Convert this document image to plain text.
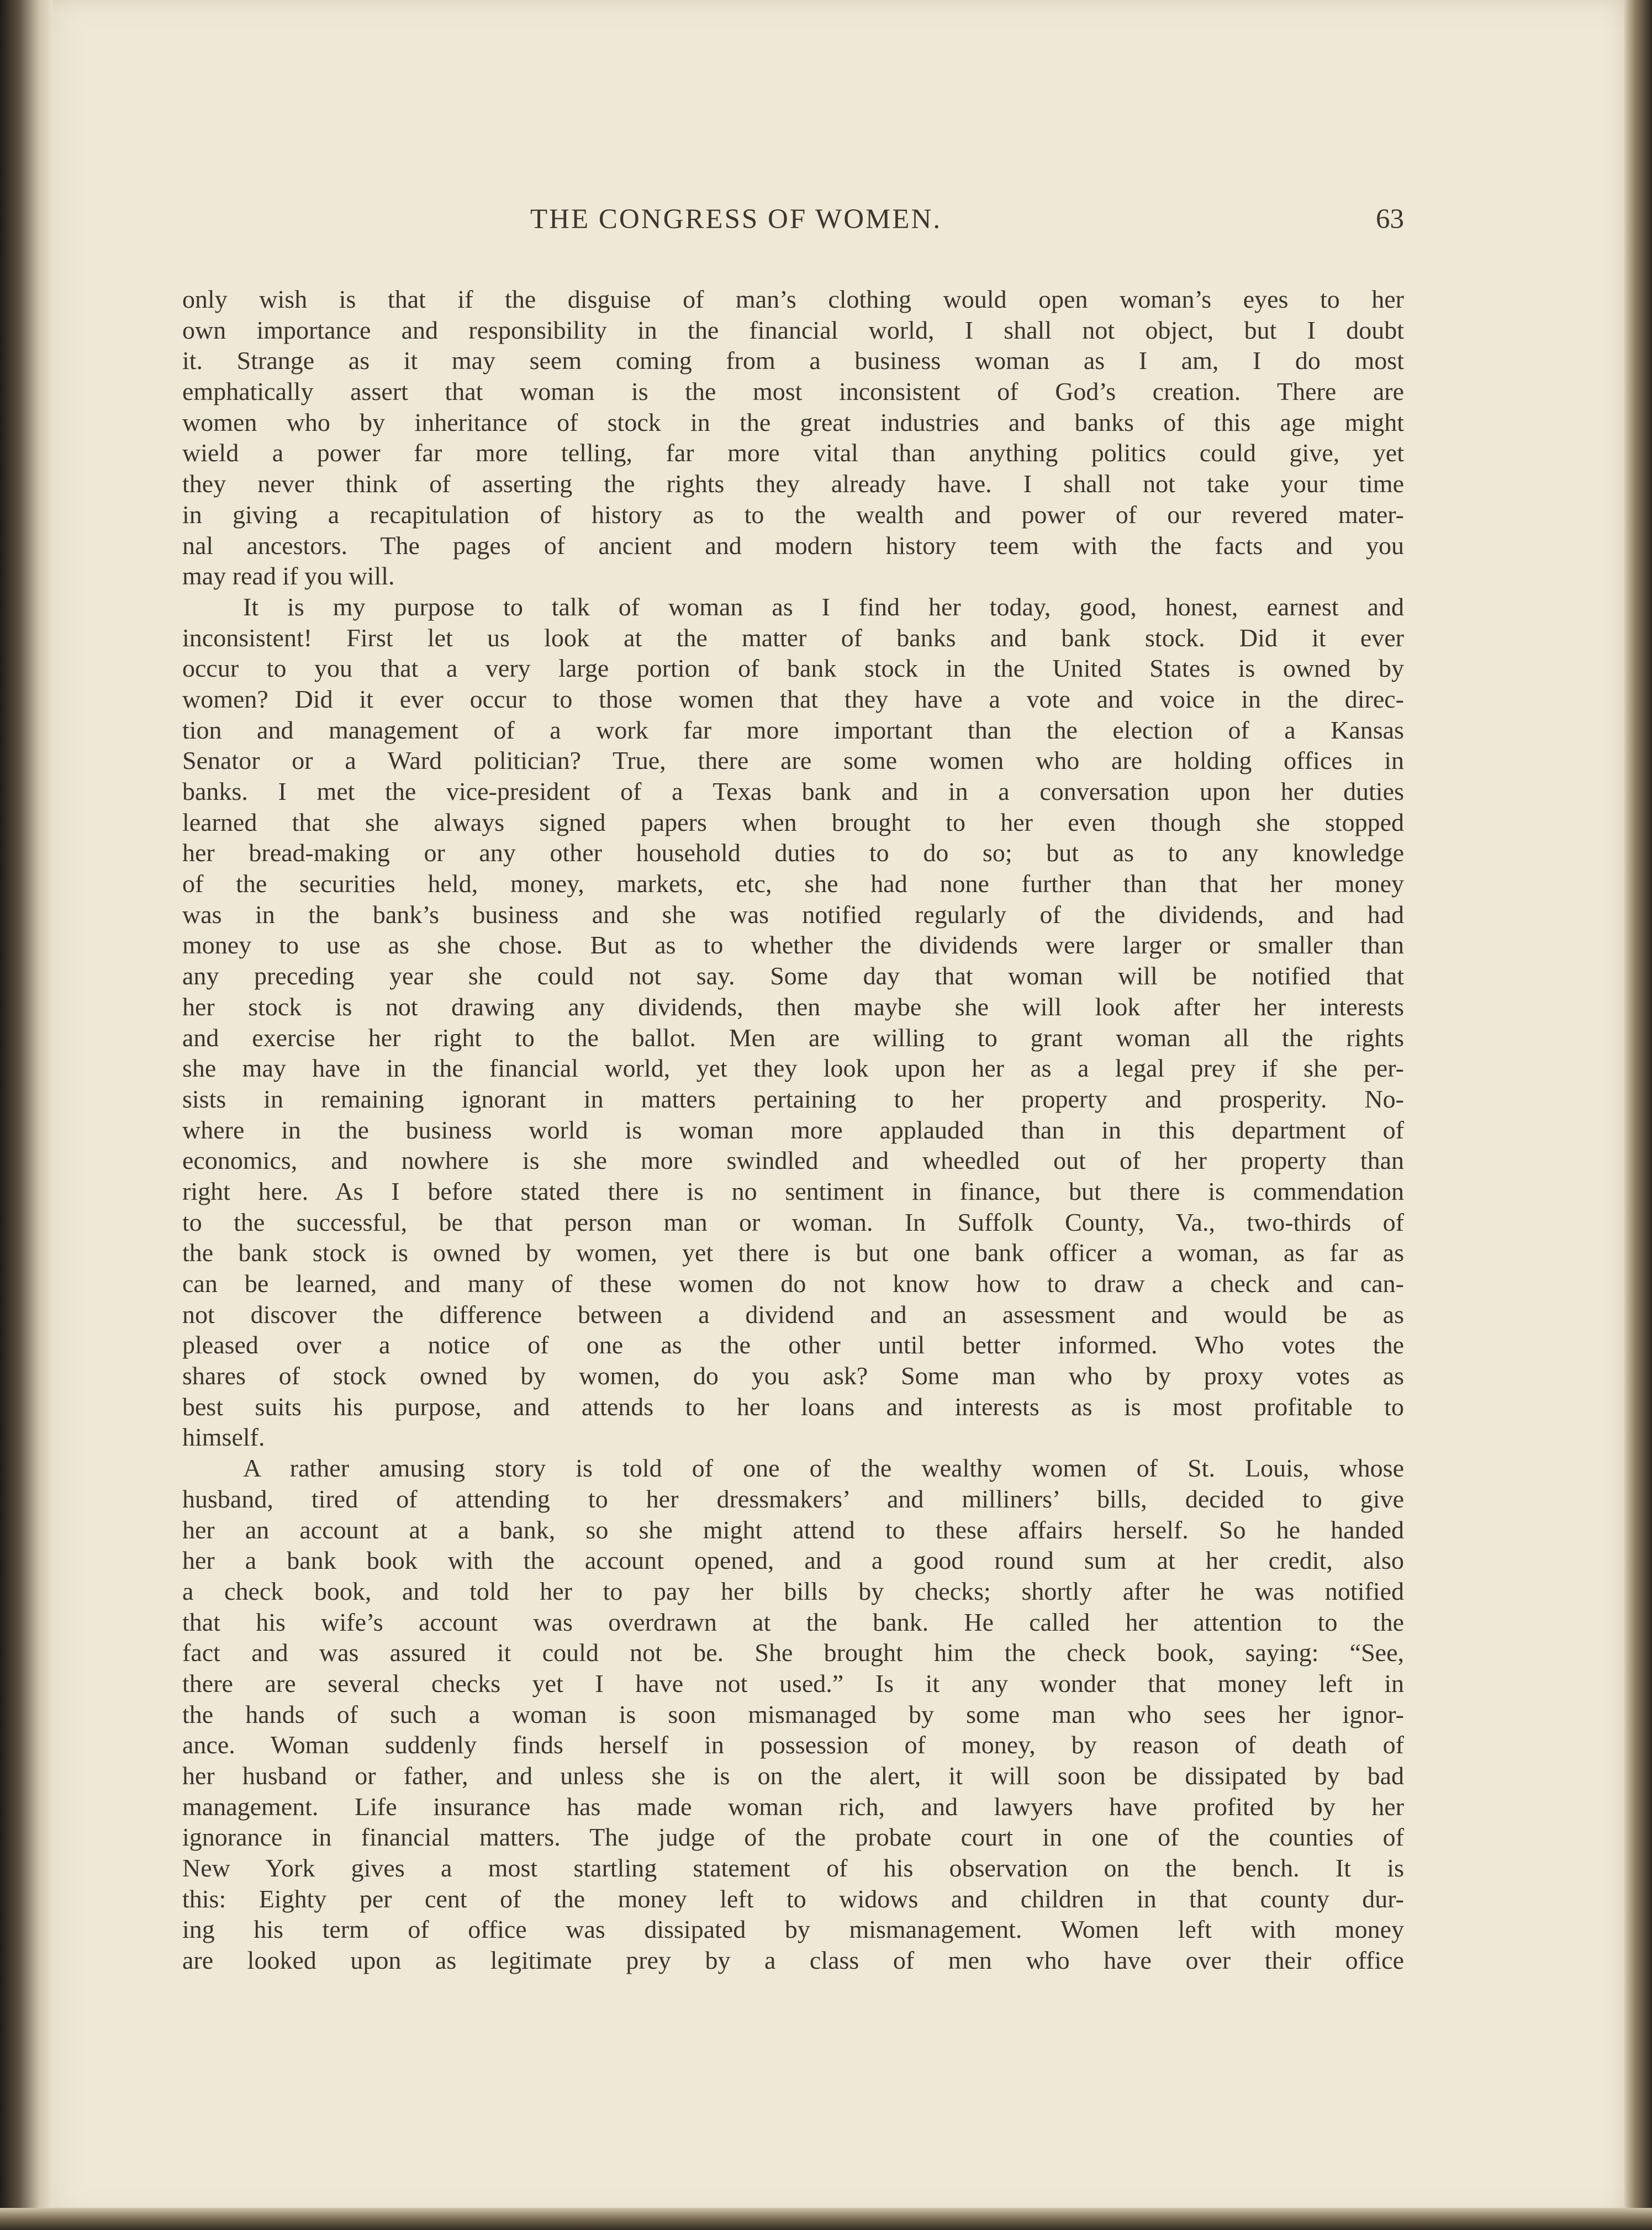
THE CONGRESS OF WOMEN.	63
only wish is that if the disguise of man’s clothing would open woman’s eyes to her
own importance and responsibility in the financial world, I shall not object, but I doubt
it. Strange as it may seem coming from a business woman as I am, I do most
emphatically assert that woman is the most inconsistent of God’s creation. There are
women who by inheritance of stock in the great industries and banks of this age might
wield a power far more telling, far more vital than anything politics could give, yet
they never think of asserting the rights they already have. I shall not take your time
in giving a recapitulation of history as to the wealth and power of our revered mater-
nal ancestors. The pages of ancient and modern history teem with the facts and you
may read if you will.
It is my purpose to talk of woman as I find her today, good, honest, earnest and
inconsistent! First let us look at the matter of banks and bank stock. Did it ever
occur to you that a very large portion of bank stock in the United States is owned by
women? Did it ever occur to those women that they have a vote and voice in the direc-
tion and management of a work far more important than the election of a Kansas
Senator or a Ward politician? True, there are some women who are holding offices in
banks. I met the vice-president of a Texas bank and in a conversation upon her duties
learned that she always signed papers when brought to her even though she stopped
her bread-making or any other household duties to do so; but as to any knowledge
of the securities held, money, markets, etc, she had none further than that her money
was in the bank’s business and she was notified regularly of the dividends, and had
money to use as she chose. But as to whether the dividends were larger or smaller than
any preceding year she could not say. Some day that woman will be notified that
her stock is not drawing any dividends, then maybe she will look after her interests
and exercise her right to the ballot. Men are willing to grant woman all the rights
she may have in the financial world, yet they look upon her as a legal prey if she per-
sists in remaining ignorant in matters pertaining to her property and prosperity. No-
where in the business world is woman more applauded than in this department of
economics, and nowhere is she more swindled and wheedled out of her property than
right here. As I before stated there is no sentiment in finance, but there is commendation
to the successful, be that person man or woman. In Suffolk County, Va., two-thirds of
the bank stock is owned by women, yet there is but one bank officer a woman, as far as
can be learned, and many of these women do not know how to draw a check and can-
not discover the difference between a dividend and an assessment and would be as
pleased over a notice of one as the other until better informed. Who votes the
shares of stock owned by women, do you ask? Some man who by proxy votes as
best suits his purpose, and attends to her loans and interests as is most profitable to
himself.
A rather amusing story is told of one of the wealthy women of St. Louis, whose
husband, tired of attending to her dressmakers’ and milliners’ bills, decided to give
her an account at a bank, so she might attend to these affairs herself. So he handed
her a bank book with the account opened, and a good round sum at her credit, also
a check book, and told her to pay her bills by checks; shortly after he was notified
that his wife’s account was overdrawn at the bank. He called her attention to the
fact and was assured it could not be. She brought him the check book, saying: “See,
there are several checks yet I have not used.” Is it any wonder that money left in
the hands of such a woman is soon mismanaged by some man who sees her ignor-
ance. Woman suddenly finds herself in possession of money, by reason of death of
her husband or father, and unless she is on the alert, it will soon be dissipated by bad
management. Life insurance has made woman rich, and lawyers have profited by her
ignorance in financial matters. The judge of the probate court in one of the counties of
New York gives a most startling statement of his observation on the bench. It is
this: Eighty per cent of the money left to widows and children in that county dur-
ing his term of office was dissipated by mismanagement. Women left with money
are looked upon as legitimate prey by a class of men who have over their office
